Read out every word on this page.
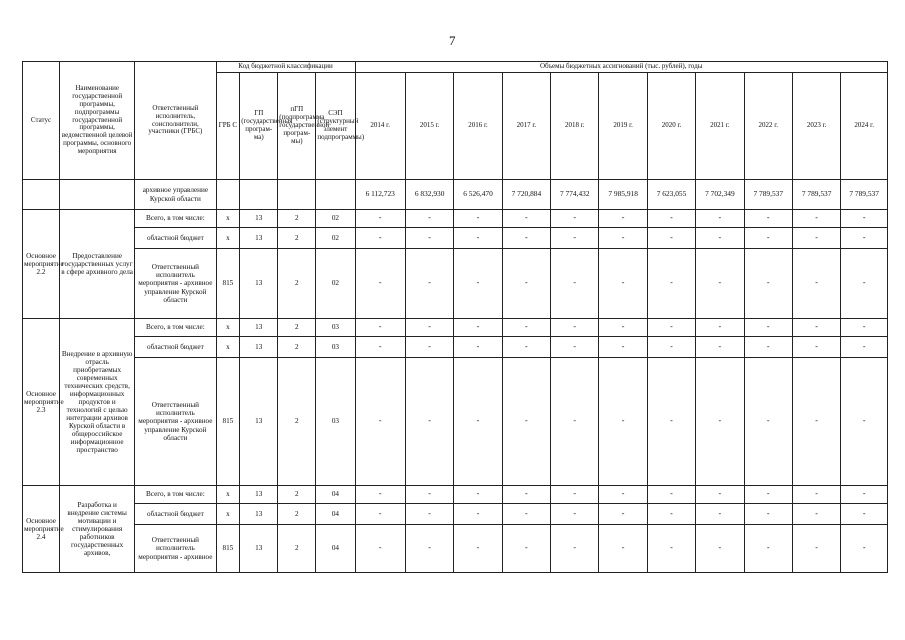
7
Статус	Наименование государственной программы, подпрограммы государственной программы, ведомственной целевой программы, основного мероприятия	Ответственный исполнитель, соисполнители, участники (ГРБС)	Код бюджетной классификации				Объемы бюджетных ассигнований (тыс. рублей), годы										
			ГРБ С	ГП (государственная програм-ма)	пГП (подпрограмма государственной програм-мы)	СЭП (структурный элемент подпрограммы)	2014 г.	2015 г.	2016 г.	2017 г.	2018 г.	2019 г.	2020 г.	2021 г.	2022 г.	2023 г.	2024 г.
		архивное управление Курской области					6 112,723	6 832,930	6 526,470	7 720,884	7 774,432	7 985,918	7 623,055	7 702,349	7 789,537	7 789,537	7 789,537
Основное мероприятие 2.2	Предоставление государственных услуг в сфере архивного дела	Всего, в том числе:	x	13	2	02	-	-	-	-	-	-	-	-	-	-	-
		областной бюджет	x	13	2	02	-	-	-	-	-	-	-	-	-	-	-
		Ответственный исполнитель мероприятия - архивное управление Курской области	815	13	2	02	-	-	-	-	-	-	-	-	-	-	-
Основное мероприятие 2.3	Внедрение в архивную отрасль приобретаемых современных технических средств, информационных продуктов и технологий с целью интеграции архивов Курской области в общероссийское информационное пространство	Всего, в том числе:	x	13	2	03	-	-	-	-	-	-	-	-	-	-	-
		областной бюджет	x	13	2	03	-	-	-	-	-	-	-	-	-	-	-
		Ответственный исполнитель мероприятия - архивное управление Курской области	815	13	2	03	-	-	-	-	-	-	-	-	-	-	-
Основное мероприятие 2.4	Разработка и внедрение системы мотивации и стимулирования работников государственных архивов,	Всего, в том числе:	x	13	2	04	-	-	-	-	-	-	-	-	-	-	-
		областной бюджет	x	13	2	04	-	-	-	-	-	-	-	-	-	-	-
		Ответственный исполнитель мероприятия - архивное	815	13	2	04	-	-	-	-	-	-	-	-	-	-	-
